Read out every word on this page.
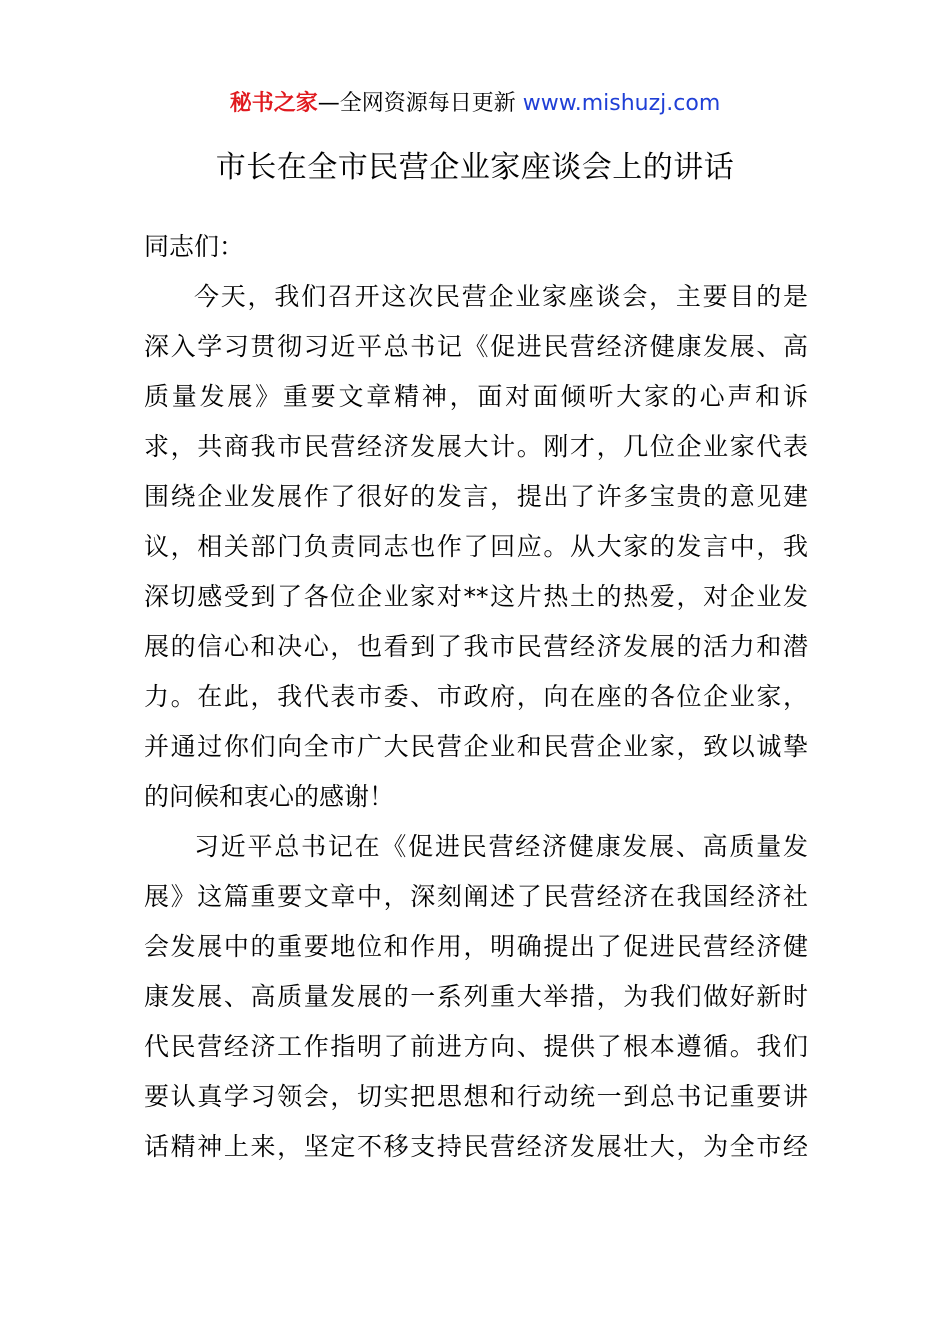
秘书之家—全网资源每日更新 www.mishuzj.com
市长在全市民营企业家座谈会上的讲话
同志们：
今天，我们召开这次民营企业家座谈会，主要目的是
深入学习贯彻习近平总书记《促进民营经济健康发展、高
质量发展》重要文章精神，面对面倾听大家的心声和诉
求，共商我市民营经济发展大计。刚才，几位企业家代表
围绕企业发展作了很好的发言，提出了许多宝贵的意见建
议，相关部门负责同志也作了回应。从大家的发言中，我
深切感受到了各位企业家对**这片热土的热爱，对企业发
展的信心和决心，也看到了我市民营经济发展的活力和潜
力。在此，我代表市委、市政府，向在座的各位企业家，
并通过你们向全市广大民营企业和民营企业家，致以诚挚
的问候和衷心的感谢！
习近平总书记在《促进民营经济健康发展、高质量发
展》这篇重要文章中，深刻阐述了民营经济在我国经济社
会发展中的重要地位和作用，明确提出了促进民营经济健
康发展、高质量发展的一系列重大举措，为我们做好新时
代民营经济工作指明了前进方向、提供了根本遵循。我们
要认真学习领会，切实把思想和行动统一到总书记重要讲
话精神上来，坚定不移支持民营经济发展壮大，为全市经
